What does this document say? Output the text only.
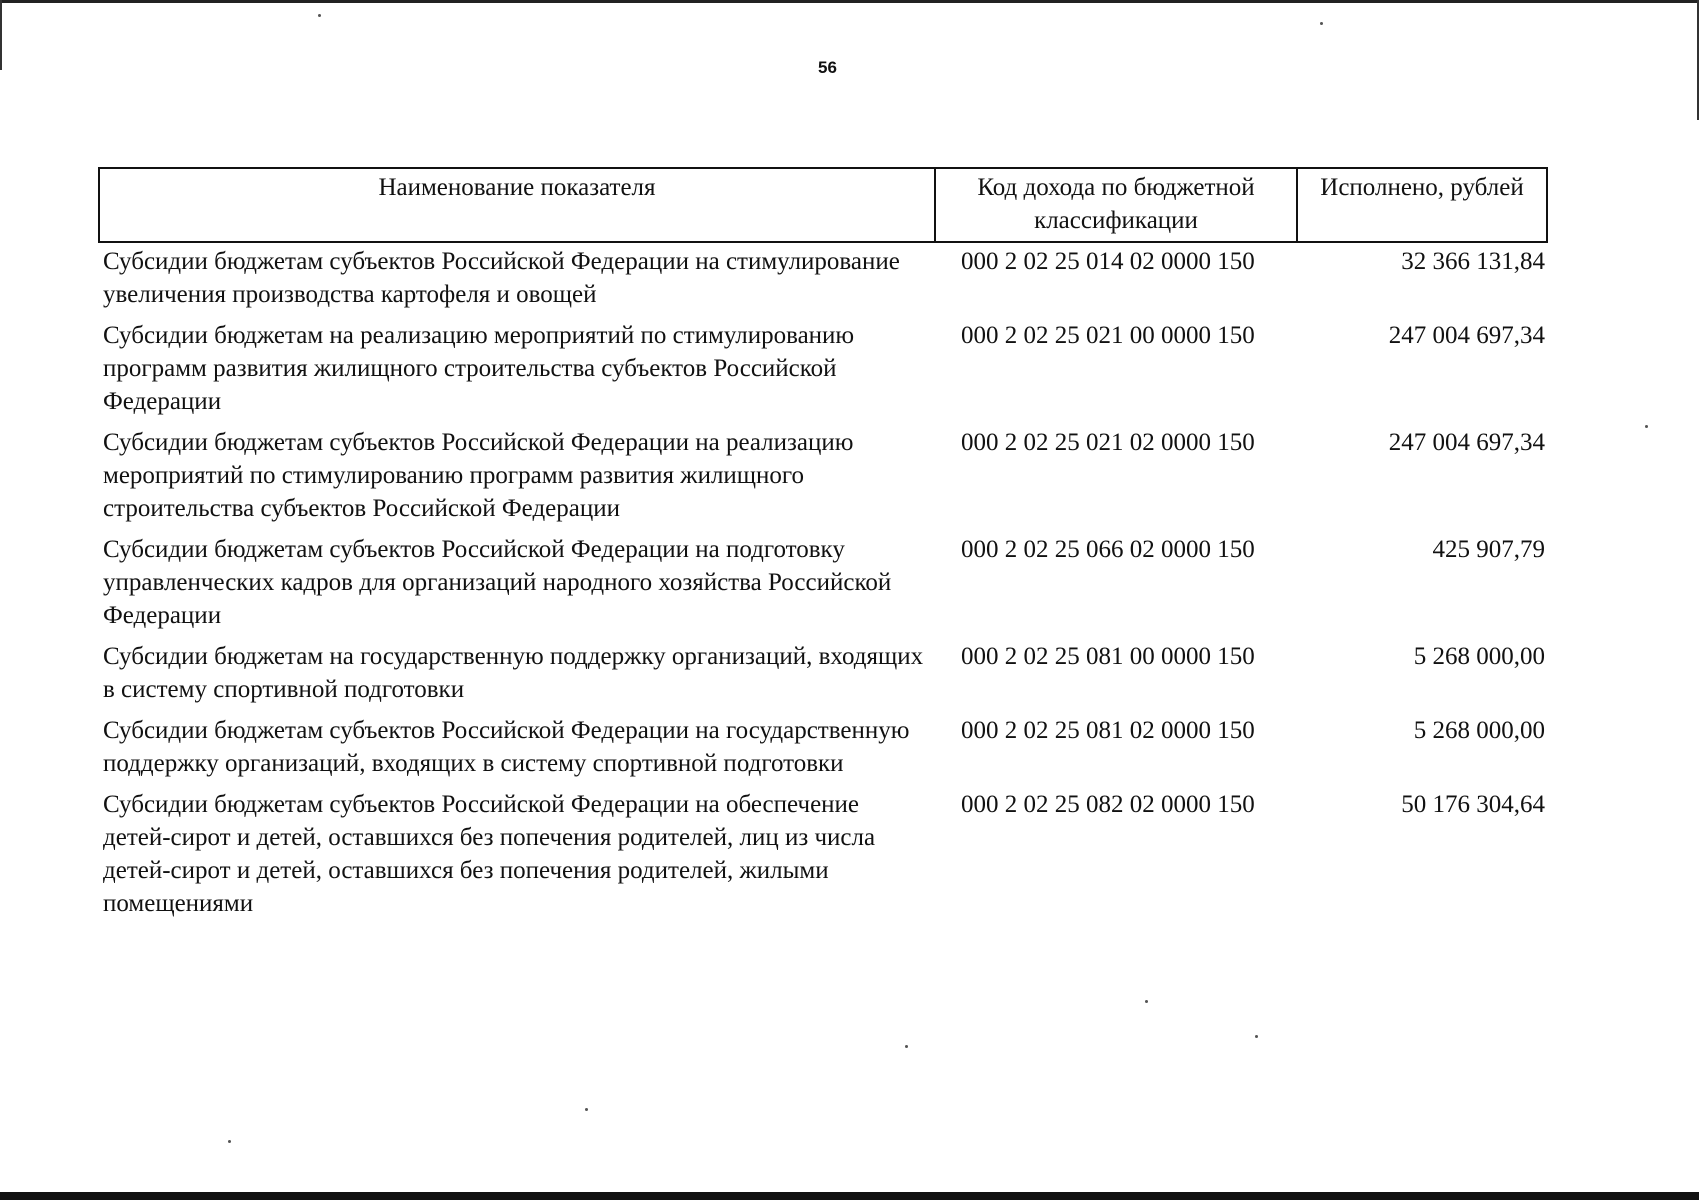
56
Наименование показателя	Код дохода по бюджетной классификации	Исполнено, рублей

Субсидии бюджетам субъектов Российской Федерации на стимулирование увеличения производства картофеля и овощей	000 2 02 25 014 02 0000 150	32 366 131,84

Субсидии бюджетам на реализацию мероприятий по стимулированию программ развития жилищного строительства субъектов Российской Федерации	000 2 02 25 021 00 0000 150	247 004 697,34

Субсидии бюджетам субъектов Российской Федерации на реализацию мероприятий по стимулированию программ развития жилищного строительства субъектов Российской Федерации	000 2 02 25 021 02 0000 150	247 004 697,34

Субсидии бюджетам субъектов Российской Федерации на подготовку управленческих кадров для организаций народного хозяйства Российской Федерации	000 2 02 25 066 02 0000 150	425 907,79

Субсидии бюджетам на государственную поддержку организаций, входящих в систему спортивной подготовки	000 2 02 25 081 00 0000 150	5 268 000,00

Субсидии бюджетам субъектов Российской Федерации на государственную поддержку организаций, входящих в систему спортивной подготовки	000 2 02 25 081 02 0000 150	5 268 000,00

Субсидии бюджетам субъектов Российской Федерации на обеспечение детей-сирот и детей, оставшихся без попечения родителей, лиц из числа детей-сирот и детей, оставшихся без попечения родителей, жилыми помещениями	000 2 02 25 082 02 0000 150	50 176 304,64
